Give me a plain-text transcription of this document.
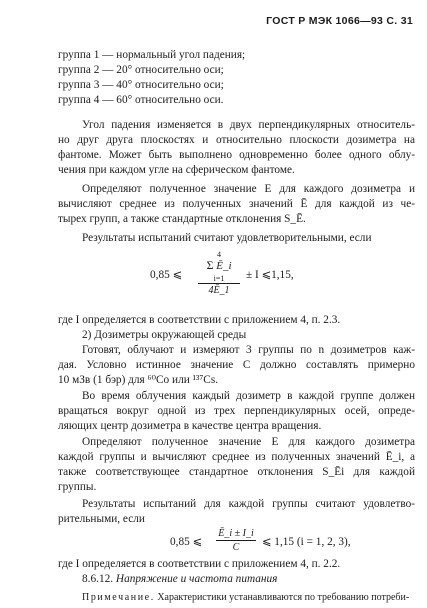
ГОСТ Р МЭК 1066—93 С. 31
группа 1 — нормальный угол падения;
группа 2 — 20° относительно оси;
группа 3 — 40° относительно оси;
группа 4 — 60° относительно оси.
Угол падения изменяется в двух перпендикулярных относитель-
но друг друга плоскостях и относительно плоскости дозиметра на
фантоме. Может быть выполнено одновременно более одного облу-
чения при каждом угле на сферическом фантоме.
Определяют полученное значение E для каждого дозиметра и
вычисляют среднее из полученных значений Ē для каждой из че-
тырех групп, а также стандартные отклонения S_Ē.
Результаты испытаний считают удовлетворительными, если
0,85 ⩽
4
Σ Ē_i
i=1
4Ē_1
± I ⩽1,15,
где I определяется в соответствии с приложением 4, п. 2.3.
2) Дозиметры окружающей среды
Готовят, облучают и измеряют 3 группы по n дозиметров каж-
дая. Условно истинное значение C должно составлять примерно
10 мЗв (1 бэр) для ⁶⁰Co или ¹³⁷Cs.
Во время облучения каждый дозиметр в каждой группе должен
вращаться вокруг одной из трех перпендикулярных осей, опреде-
ляющих центр дозиметра в качестве центра вращения.
Определяют полученное значение E для каждого дозиметра
каждой группы и вычисляют среднее из полученных значений Ē_i, а
также соответствующее стандартное отклонения S_Ēi для каждой
группы.
Результаты испытаний для каждой группы считают удовлетво-
рительными, если
0,85 ⩽ $\frac{Ē\_i \pm I\_i}{C}$ ⩽ 1,15 (i = 1, 2, 3),
где I определяется в соответствии с приложением 4, п. 2.2.
8.6.12. Напряжение и частота питания
Примечание. Характеристики устанавливаются по требованию потреби-
